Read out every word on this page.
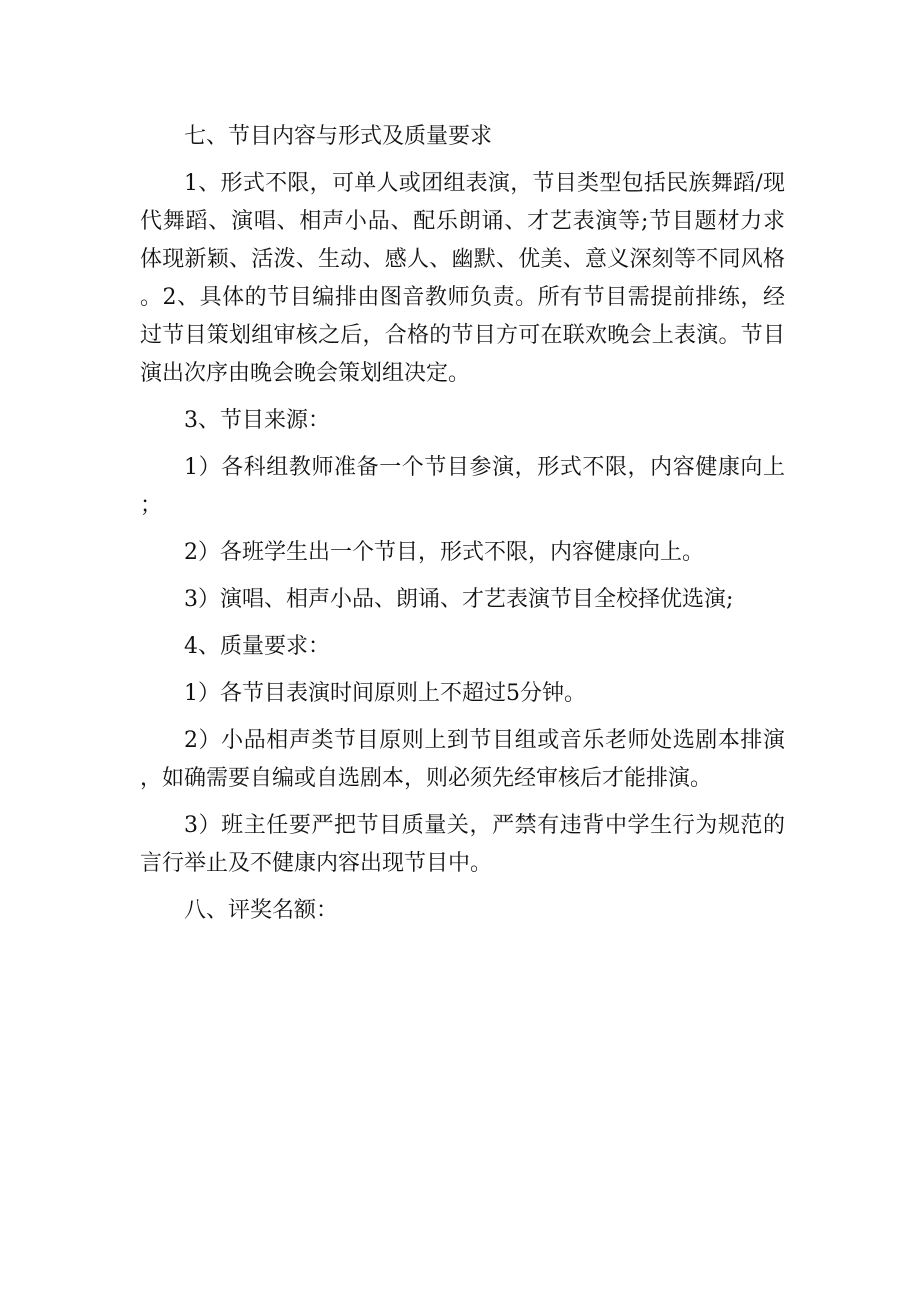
七、节目内容与形式及质量要求

1、形式不限，可单人或团组表演，节目类型包括民族舞蹈/现代舞蹈、演唱、相声小品、配乐朗诵、才艺表演等;节目题材力求体现新颖、活泼、生动、感人、幽默、优美、意义深刻等不同风格。2、具体的节目编排由图音教师负责。所有节目需提前排练，经过节目策划组审核之后，合格的节目方可在联欢晚会上表演。节目演出次序由晚会晚会策划组决定。

3、节目来源：

1）各科组教师准备一个节目参演，形式不限，内容健康向上；

2）各班学生出一个节目，形式不限，内容健康向上。

3）演唱、相声小品、朗诵、才艺表演节目全校择优选演;

4、质量要求：

1）各节目表演时间原则上不超过5分钟。

2）小品相声类节目原则上到节目组或音乐老师处选剧本排演，如确需要自编或自选剧本，则必须先经审核后才能排演。

3）班主任要严把节目质量关，严禁有违背中学生行为规范的言行举止及不健康内容出现节目中。

八、评奖名额：
